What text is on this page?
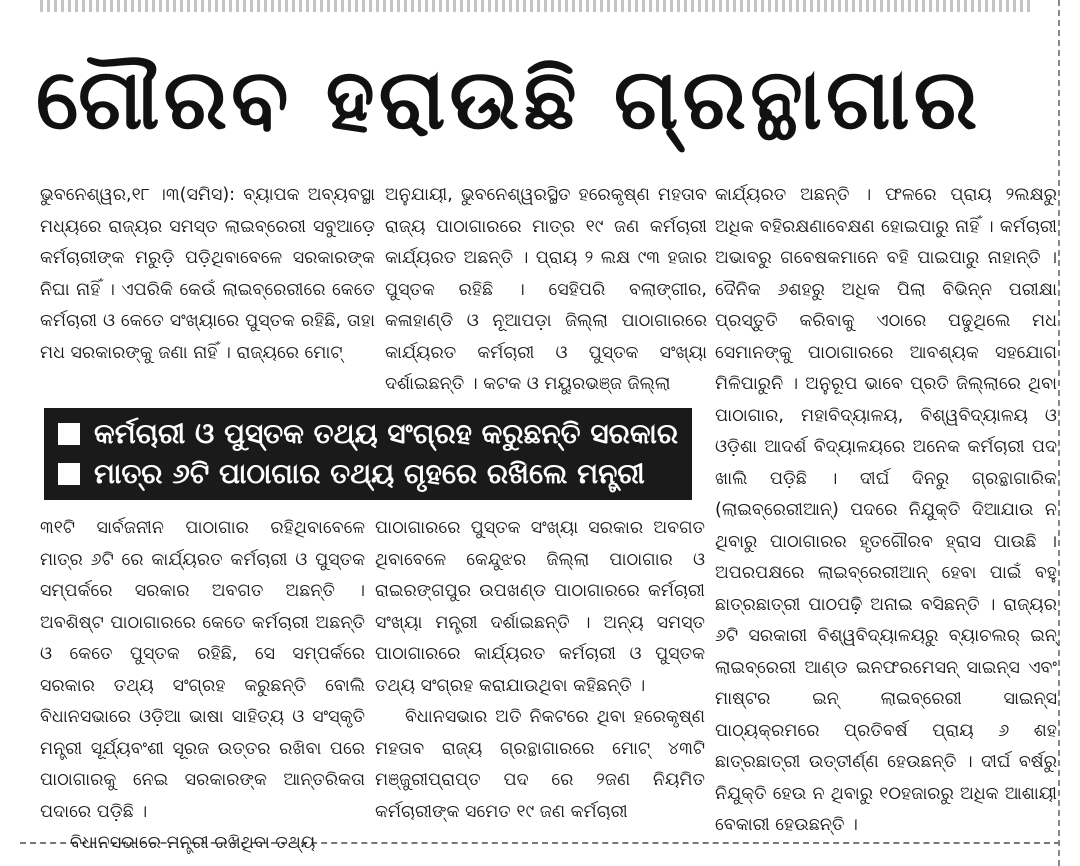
ଗୌରବ ହରାଉଛି ଗ୍ରନ୍ଥାଗାର

ଭୁବନେଶ୍ୱର,୧୮ ।୩(ସମିସ): ବ୍ୟାପକ ଅବ୍ୟବସ୍ଥା ମଧ୍ୟରେ ରାଜ୍ୟର ସମସ୍ତ ଲାଇବ୍ରେରୀ ସବୁଆଡ଼େ କର୍ମଚାରୀଙ୍କ ମରୁଡ଼ି ପଡ଼ିଥିବାବେଳେ ସରକାରଙ୍କ ନିଘା ନାହିଁ । ଏପରିକି କେଉଁ ଲାଇବ୍ରେରୀରେ କେତେ କର୍ମଚାରୀ ଓ କେତେ ସଂଖ୍ୟାରେ ପୁସ୍ତକ ରହିଛି, ତାହା ମଧ ସରକାରଙ୍କୁ ଜଣା ନାହିଁ । ରାଜ୍ୟରେ ମୋଟ୍

ଅନୁଯାୟୀ, ଭୁବନେଶ୍ୱରସ୍ଥିତ ହରେକୃଷ୍ଣ ମହତାବ ରାଜ୍ୟ ପାଠାଗାରରେ ମାତ୍ର ୧୯ ଜଣ କର୍ମଚାରୀ କାର୍ଯ୍ୟରତ ଅଛନ୍ତି । ପ୍ରାୟ ୨ ଲକ୍ଷ ୯୩ ହଜାର ପୁସ୍ତକ ରହିଛି । ସେହିପରି ବଲାଙ୍ଗୀର, କଳାହାଣ୍ଡି ଓ ନୂଆପଡ଼ା ଜିଲ୍ଲା ପାଠାଗାରରେ କାର୍ଯ୍ୟରତ କର୍ମଚାରୀ ଓ ପୁସ୍ତକ ସଂଖ୍ୟା ଦର୍ଶାଇଛନ୍ତି । କଟକ ଓ ମୟୁରଭଞ୍ଜ ଜିଲ୍ଲା

କାର୍ଯ୍ୟରତ ଅଛନ୍ତି । ଫଳରେ ପ୍ରାୟ ୨ଲକ୍ଷରୁ ଅଧିକ ବହିରକ୍ଷଣାବେକ୍ଷଣ ହୋଇପାରୁ ନାହିଁ । କର୍ମଚାରୀ ଅଭାବରୁ ଗବେଷକମାନେ ବହି ପାଇପାରୁ ନାହାନ୍ତି । ଦୈନିକ ୬ଶହରୁ ଅଧିକ ପିଲା ବିଭିନ୍ନ ପରୀକ୍ଷା ପ୍ରସ୍ତୁତି କରିବାକୁ ଏଠାରେ ପଢୁଥିଲେ ମଧ ସେମାନଙ୍କୁ ପାଠାଗାରରେ ଆବଶ୍ୟକ ସହଯୋଗ ମିଳିପାରୁନି । ଅନୁରୂପ ଭାବେ ପ୍ରତି ଜିଲ୍ଲାରେ ଥିବା ପାଠାଗାର, ମହାବିଦ୍ୟାଳୟ, ବିଶ୍ୱବିଦ୍ୟାଳୟ ଓ ଓଡ଼ିଶା ଆଦର୍ଶ ବିଦ୍ୟାଳୟରେ ଅନେକ କର୍ମଚାରୀ ପଦ ଖାଲି ପଡ଼ିଛି । ଦୀର୍ଘ ଦିନରୁ ଗ୍ରନ୍ଥାଗାରିକ (ଲାଇବ୍ରେରୀଆନ୍) ପଦରେ ନିଯୁକ୍ତି ଦିଆଯାଉ ନ ଥିବାରୁ ପାଠାଗାରର ହୃତଗୌରବ ହ୍ରାସ ପାଉଛି । ଅପରପକ୍ଷରେ ଲାଇବ୍ରେରୀଆନ୍ ହେବା ପାଇଁ ବହୁ ଛାତ୍ରଛାତ୍ରୀ ପାଠପଢ଼ି ଅନାଇ ବସିଛନ୍ତି । ରାଜ୍ୟର ୬ଟି ସରକାରୀ ବିଶ୍ୱବିଦ୍ୟାଳୟରୁ ବ୍ୟାଚଲର୍ ଇନ୍ ଲାଇବ୍ରେରୀ ଆଣ୍ଡ ଇନଫରମେସନ୍ ସାଇନ୍ସ ଏବଂ ମାଷ୍ଟର ଇନ୍ ଲାଇବ୍ରେରୀ ସାଇନ୍ସ ପାଠ୍ୟକ୍ରମରେ ପ୍ରତିବର୍ଷ ପ୍ରାୟ ୬ ଶହ ଛାତ୍ରଛାତ୍ରୀ ଉତ୍ତୀର୍ଣ୍ଣ ହେଉଛନ୍ତି । ଦୀର୍ଘ ବର୍ଷରୁ ନିଯୁକ୍ତି ହେଉ ନ ଥିବାରୁ ୧୦ହଜାରରୁ ଅଧିକ ଆଶାୟୀ ବେକାରୀ ହେଉଛନ୍ତି ।

କର୍ମଚାରୀ ଓ ପୁସ୍ତକ ତଥ୍ୟ ସଂଗ୍ରହ କରୁଛନ୍ତି ସରକାର
ମାତ୍ର ୬ଟି ପାଠାଗାର ତଥ୍ୟ ଗୃହରେ ରଖିଲେ ମନ୍ତ୍ରୀ

୩୧ଟି ସାର୍ବଜନୀନ ପାଠାଗାର ରହିଥିବାବେଳେ ମାତ୍ର ୬ଟି ରେ କାର୍ଯ୍ୟରତ କର୍ମଚାରୀ ଓ ପୁସ୍ତକ ସମ୍ପର୍କରେ ସରକାର ଅବଗତ ଅଛନ୍ତି । ଅବଶିଷ୍ଟ ପାଠାଗାରରେ କେତେ କର୍ମଚାରୀ ଅଛନ୍ତି ଓ କେତେ ପୁସ୍ତକ ରହିଛି, ସେ ସମ୍ପର୍କରେ ସରକାର ତଥ୍ୟ ସଂଗ୍ରହ କରୁଛନ୍ତି ବୋଲି ବିଧାନସଭାରେ ଓଡ଼ିଆ ଭାଷା ସାହିତ୍ୟ ଓ ସଂସ୍କୃତି ମନ୍ତ୍ରୀ ସୂର୍ଯ୍ୟବଂଶୀ ସୂରଜ ଉତ୍ତର ରଖିବା ପରେ ପାଠାଗାରକୁ ନେଇ ସରକାରଙ୍କ ଆନ୍ତରିକତା ପଦାରେ ପଡ଼ିଛି ।

ବିଧାନସଭାରେ ମନ୍ତ୍ରୀ ରଖିଥିବା ତଥ୍ୟ

ପାଠାଗାରରେ ପୁସ୍ତକ ସଂଖ୍ୟା ସରକାର ଅବଗତ ଥିବାବେଳେ କେନ୍ଦୁଝର ଜିଲ୍ଲା ପାଠାଗାର ଓ ରାଇରଙ୍ଗପୁର ଉପଖଣ୍ଡ ପାଠାଗାରରେ କର୍ମଚାରୀ ସଂଖ୍ୟା ମନ୍ତ୍ରୀ ଦର୍ଶାଇଛନ୍ତି । ଅନ୍ୟ ସମସ୍ତ ପାଠାଗାରରେ କାର୍ଯ୍ୟରତ କର୍ମଚାରୀ ଓ ପୁସ୍ତକ ତଥ୍ୟ ସଂଗ୍ରହ କରାଯାଉଥିବା କହିଛନ୍ତି ।

ବିଧାନସଭାର ଅତି ନିକଟରେ ଥିବା ହରେକୃଷ୍ଣ ମହତାବ ରାଜ୍ୟ ଗ୍ରନ୍ଥାଗାରରେ ମୋଟ୍ ୪୩ଟି ମଞ୍ଜୁରୀପ୍ରାପ୍ତ ପଦ ରେ ୨ଜଣ ନିୟମିତ କର୍ମଚାରୀଙ୍କ ସମେତ ୧୯ ଜଣ କର୍ମଚାରୀ
